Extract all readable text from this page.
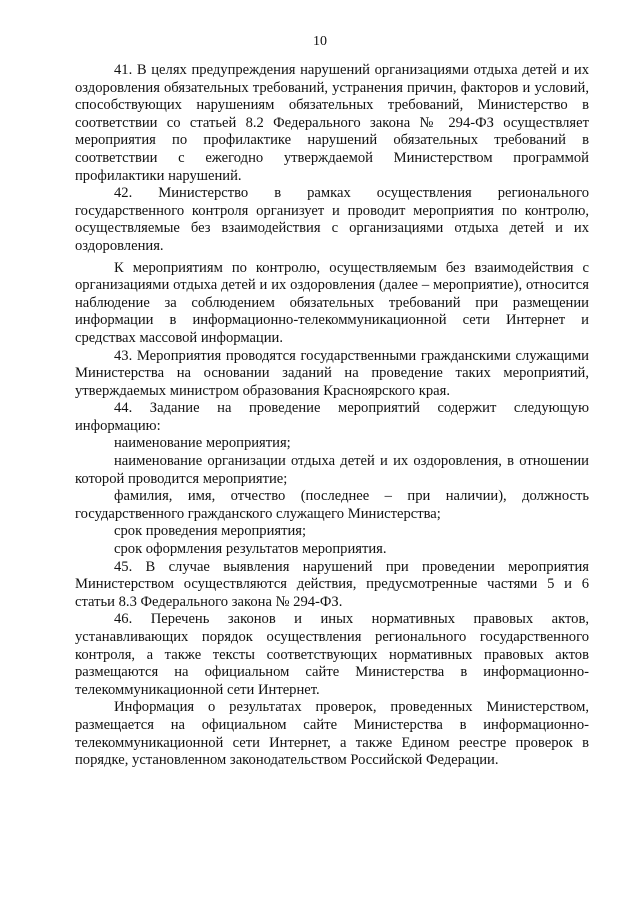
10

41. В целях предупреждения нарушений организациями отдыха детей и их оздоровления обязательных требований, устранения причин, факторов и условий, способствующих нарушениям обязательных требований, Министерство в соответствии со статьей 8.2 Федерального закона № 294-ФЗ осуществляет мероприятия по профилактике нарушений обязательных требований в соответствии с ежегодно утверждаемой Министерством программой профилактики нарушений.

42. Министерство в рамках осуществления регионального государственного контроля организует и проводит мероприятия по контролю, осуществляемые без взаимодействия с организациями отдыха детей и их оздоровления.

К мероприятиям по контролю, осуществляемым без взаимодействия с организациями отдыха детей и их оздоровления (далее – мероприятие), относится наблюдение за соблюдением обязательных требований при размещении информации в информационно-телекоммуникационной сети Интернет и средствах массовой информации.

43. Мероприятия проводятся государственными гражданскими служащими Министерства на основании заданий на проведение таких мероприятий, утверждаемых министром образования Красноярского края.

44. Задание на проведение мероприятий содержит следующую информацию:

наименование мероприятия;

наименование организации отдыха детей и их оздоровления, в отношении которой проводится мероприятие;

фамилия, имя, отчество (последнее – при наличии), должность государственного гражданского служащего Министерства;

срок проведения мероприятия;

срок оформления результатов мероприятия.

45. В случае выявления нарушений при проведении мероприятия Министерством осуществляются действия, предусмотренные частями 5 и 6 статьи 8.3 Федерального закона № 294-ФЗ.

46. Перечень законов и иных нормативных правовых актов, устанавливающих порядок осуществления регионального государственного контроля, а также тексты соответствующих нормативных правовых актов размещаются на официальном сайте Министерства в информационно-телекоммуникационной сети Интернет.

Информация о результатах проверок, проведенных Министерством, размещается на официальном сайте Министерства в информационно-телекоммуникационной сети Интернет, а также Едином реестре проверок в порядке, установленном законодательством Российской Федерации.
